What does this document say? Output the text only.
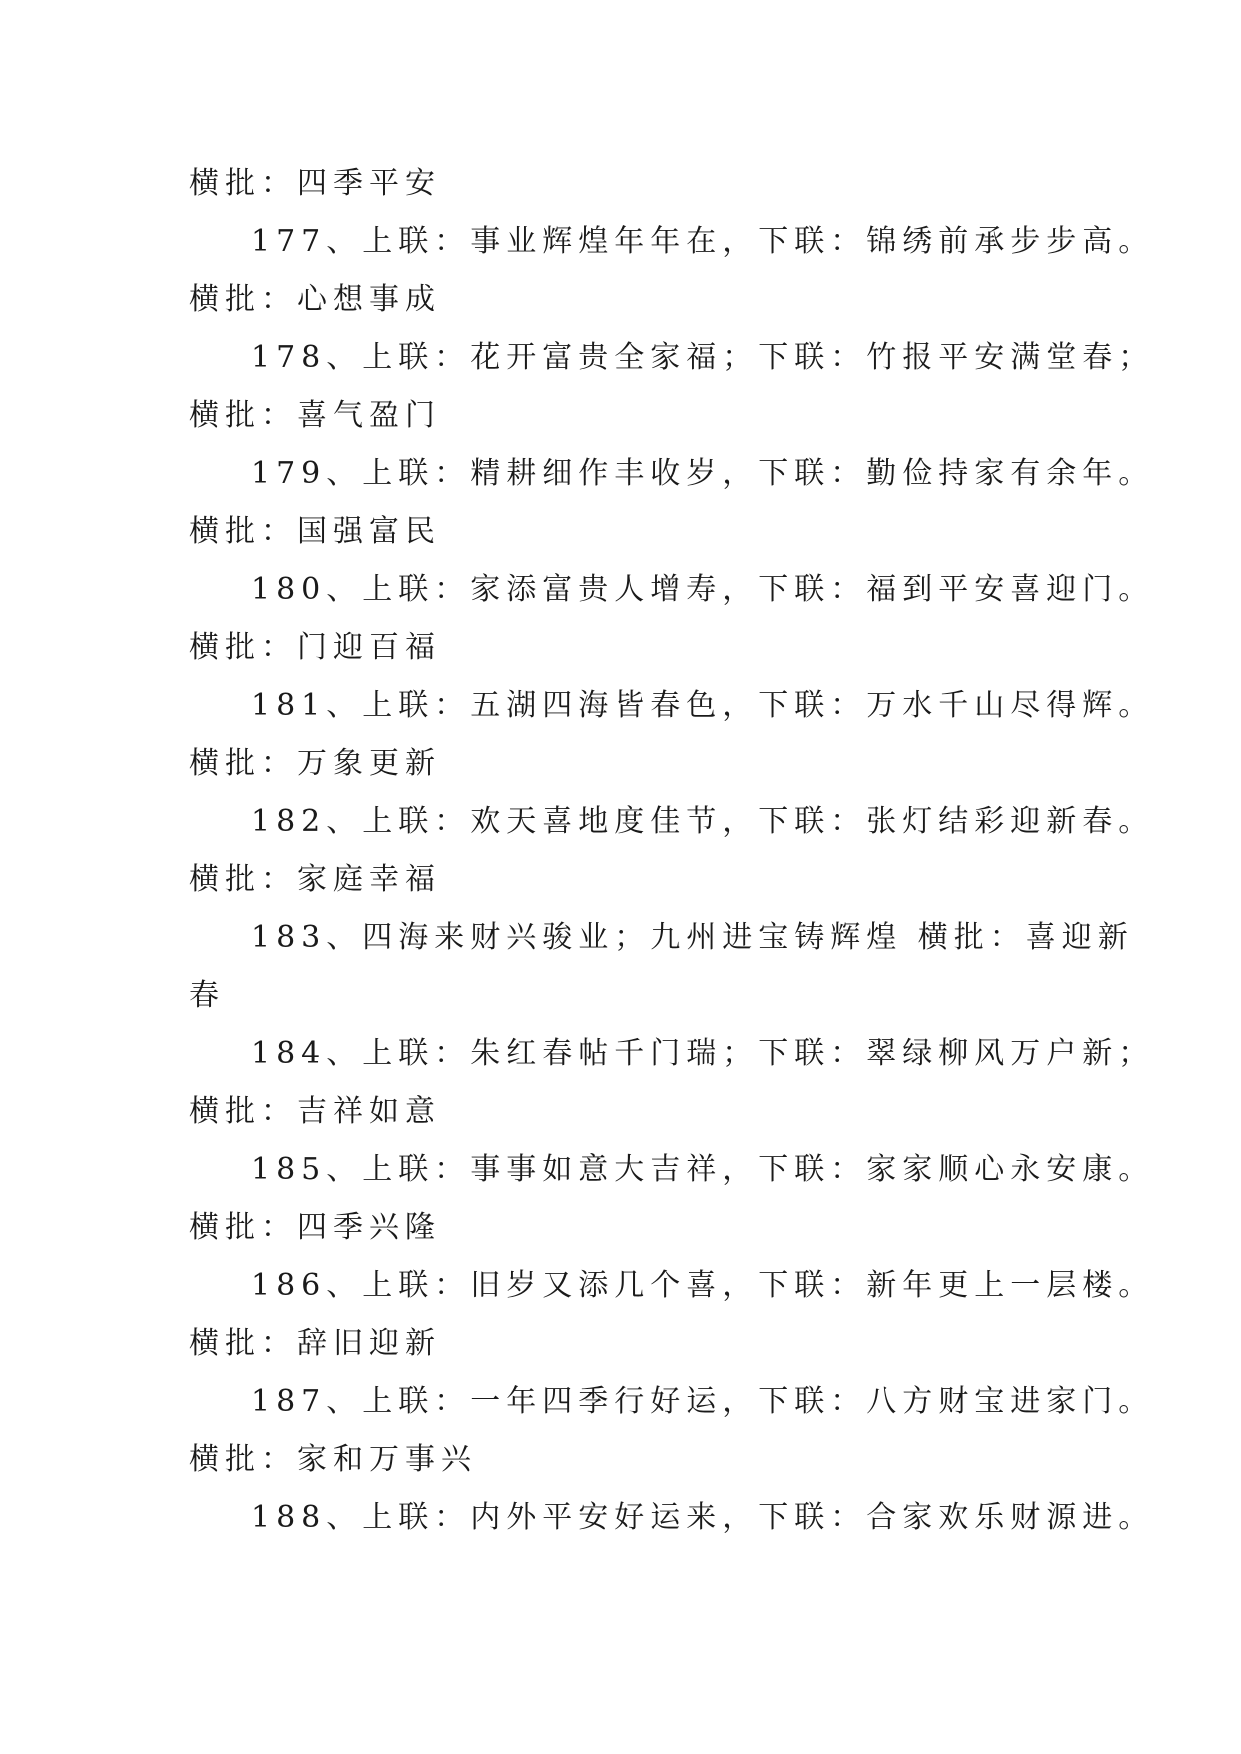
横批：四季平安
177、上联：事业辉煌年年在，下联：锦绣前承步步高。
横批：心想事成
178、上联：花开富贵全家福；下联：竹报平安满堂春；
横批：喜气盈门
179、上联：精耕细作丰收岁，下联：勤俭持家有余年。
横批：国强富民
180、上联：家添富贵人增寿，下联：福到平安喜迎门。
横批：门迎百福
181、上联：五湖四海皆春色，下联：万水千山尽得辉。
横批：万象更新
182、上联：欢天喜地度佳节，下联：张灯结彩迎新春。
横批：家庭幸福
183、四海来财兴骏业；九州进宝铸辉煌 横批：喜迎新
春
184、上联：朱红春帖千门瑞；下联：翠绿柳风万户新；
横批：吉祥如意
185、上联：事事如意大吉祥，下联：家家顺心永安康。
横批：四季兴隆
186、上联：旧岁又添几个喜，下联：新年更上一层楼。
横批：辞旧迎新
187、上联：一年四季行好运，下联：八方财宝进家门。
横批：家和万事兴
188、上联：内外平安好运来，下联：合家欢乐财源进。
